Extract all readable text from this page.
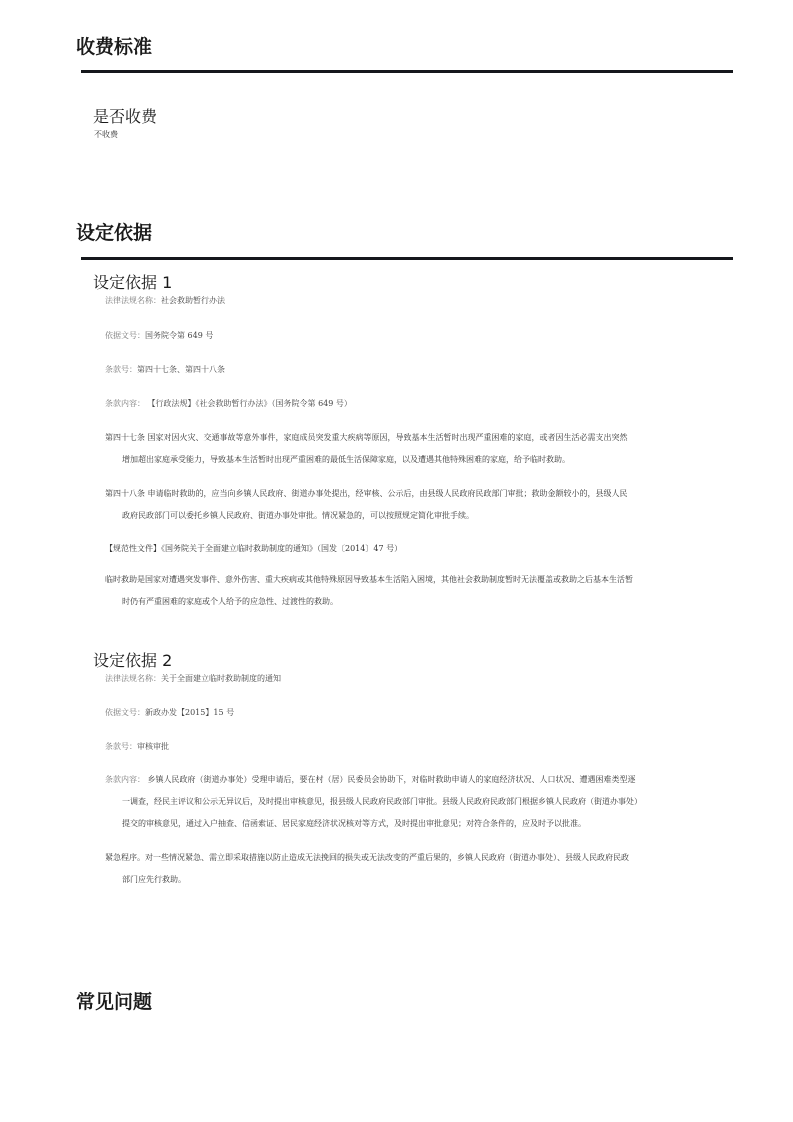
收费标准
是否收费
不收费
设定依据
设定依据 1
法律法规名称：社会救助暂行办法
依据文号：国务院令第 649 号
条款号：第四十七条、第四十八条
条款内容： 【行政法规】《社会救助暂行办法》（国务院令第 649 号）
第四十七条 国家对因火灾、交通事故等意外事件，家庭成员突发重大疾病等原因，导致基本生活暂时出现严重困难的家庭，或者因生活必需支出突然
增加超出家庭承受能力，导致基本生活暂时出现严重困难的最低生活保障家庭，以及遭遇其他特殊困难的家庭，给予临时救助。
第四十八条 申请临时救助的，应当向乡镇人民政府、街道办事处提出，经审核、公示后，由县级人民政府民政部门审批；救助金额较小的，县级人民
政府民政部门可以委托乡镇人民政府、街道办事处审批。情况紧急的，可以按照规定简化审批手续。
【规范性文件】《国务院关于全面建立临时救助制度的通知》（国发〔2014〕47 号）
临时救助是国家对遭遇突发事件、意外伤害、重大疾病或其他特殊原因导致基本生活陷入困境，其他社会救助制度暂时无法覆盖或救助之后基本生活暂
时仍有严重困难的家庭或个人给予的应急性、过渡性的救助。
设定依据 2
法律法规名称：关于全面建立临时救助制度的通知
依据文号：新政办发【2015】15 号
条款号：审核审批
条款内容： 乡镇人民政府（街道办事处）受理申请后，要在村（居）民委员会协助下，对临时救助申请人的家庭经济状况、人口状况、遭遇困难类型逐
一调查，经民主评议和公示无异议后，及时提出审核意见，报县级人民政府民政部门审批。县级人民政府民政部门根据乡镇人民政府（街道办事处）
提交的审核意见，通过入户抽查、信函索证、居民家庭经济状况核对等方式，及时提出审批意见；对符合条件的，应及时予以批准。
紧急程序。对一些情况紧急、需立即采取措施以防止造成无法挽回的损失或无法改变的严重后果的，乡镇人民政府（街道办事处）、县级人民政府民政
部门应先行救助。
常见问题
